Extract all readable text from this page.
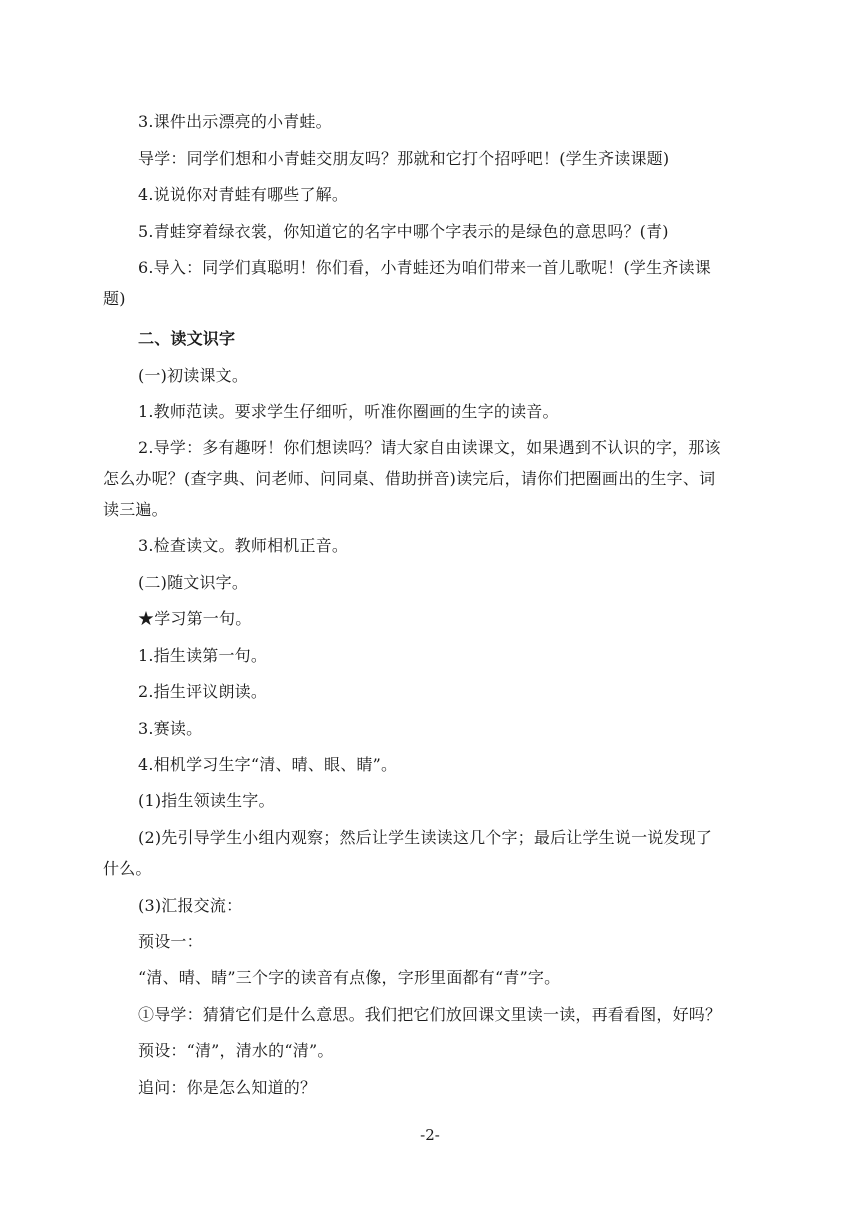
3.课件出示漂亮的小青蛙。
导学：同学们想和小青蛙交朋友吗？那就和它打个招呼吧！(学生齐读课题)
4.说说你对青蛙有哪些了解。
5.青蛙穿着绿衣裳，你知道它的名字中哪个字表示的是绿色的意思吗？(青)
6.导入：同学们真聪明！你们看，小青蛙还为咱们带来一首儿歌呢！(学生齐读课
题)
二、读文识字
(一)初读课文。
1.教师范读。要求学生仔细听，听准你圈画的生字的读音。
2.导学：多有趣呀！你们想读吗？请大家自由读课文，如果遇到不认识的字，那该
怎么办呢？(查字典、问老师、问同桌、借助拼音)读完后，请你们把圈画出的生字、词
读三遍。
3.检查读文。教师相机正音。
(二)随文识字。
★学习第一句。
1.指生读第一句。
2.指生评议朗读。
3.赛读。
4.相机学习生字“清、晴、眼、睛”。
(1)指生领读生字。
(2)先引导学生小组内观察；然后让学生读读这几个字；最后让学生说一说发现了
什么。
(3)汇报交流：
预设一：
“清、晴、睛”三个字的读音有点像，字形里面都有“青”字。
①导学：猜猜它们是什么意思。我们把它们放回课文里读一读，再看看图，好吗？
预设：“清”，清水的“清”。
追问：你是怎么知道的？
-2-
